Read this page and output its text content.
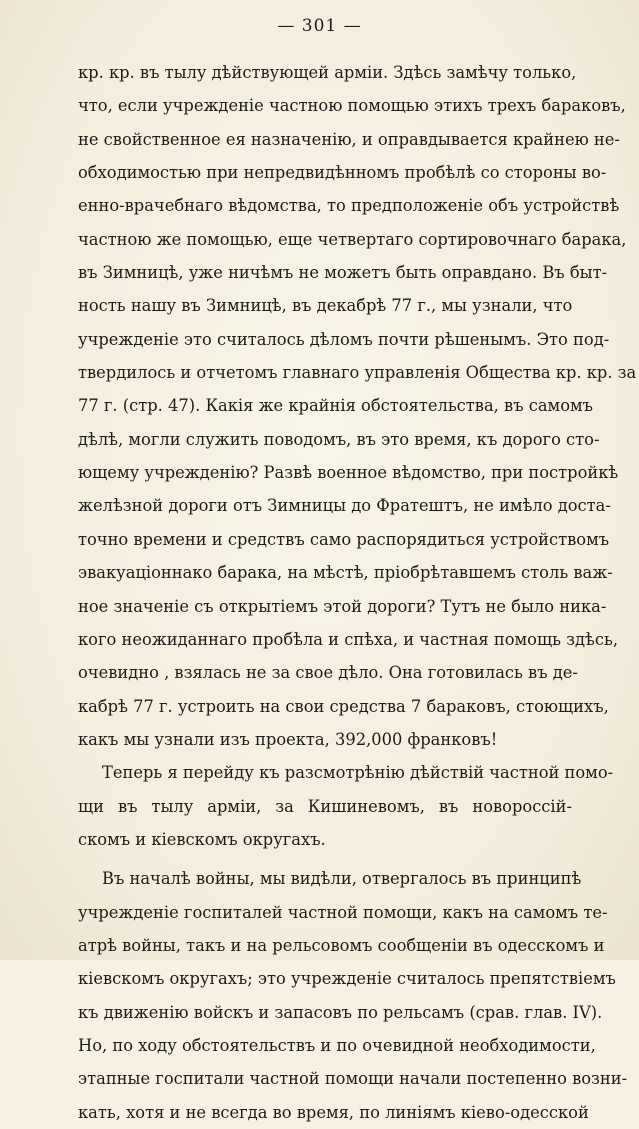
— 301 —
кр. кр. въ тылу дѣйствующей арміи. Здѣсь замѣчу только,
что, если учрежденіе частною помощью этихъ трехъ бараковъ,
не свойственное ея назначенію, и оправдывается крайнею не-
обходимостью при непредвидѣнномъ пробѣлѣ со стороны во-
енно-врачебнаго вѣдомства, то предположеніе объ устройствѣ
частною же помощью, еще четвертаго сортировочнаго барака,
въ Зимницѣ, уже ничѣмъ не можетъ быть оправдано. Въ быт-
ность нашу въ Зимницѣ, въ декабрѣ 77 г., мы узнали, что
учрежденіе это считалось дѣломъ почти рѣшенымъ. Это под-
твердилось и отчетомъ главнаго управленія Общества кр. кр. за
77 г. (стр. 47). Какія же крайнія обстоятельства, въ самомъ
дѣлѣ, могли служить поводомъ, въ это время, къ дорого сто-
ющему учрежденію? Развѣ военное вѣдомство, при постройкѣ
желѣзной дороги отъ Зимницы до Фратештъ, не имѣло доста-
точно времени и средствъ само распорядиться устройствомъ
эвакуаціоннако барака, на мѣстѣ, пріобрѣтавшемъ столь важ-
ное значеніе съ открытіемъ этой дороги? Тутъ не было ника-
кого неожиданнаго пробѣла и спѣха, и частная помощь здѣсь,
очевидно , взялась не за свое дѣло. Она готовилась въ де-
кабрѣ 77 г. устроить на свои средства 7 бараковъ, стоющихъ,
какъ мы узнали изъ проекта, 392,000 франковъ!
Теперь я перейду къ разсмотрѣнію дѣйствій частной помо-
щи въ тылу арміи, за Кишиневомъ, въ новороссій-
скомъ и кіевскомъ округахъ.
Въ началѣ войны, мы видѣли, отвергалось въ принципѣ
учрежденіе госпиталей частной помощи, какъ на самомъ те-
атрѣ войны, такъ и на рельсовомъ сообщеніи въ одесскомъ и
кіевскомъ округахъ; это учрежденіе считалось препятствіемъ
къ движенію войскъ и запасовъ по рельсамъ (срав. глав. IV).
Но, по ходу обстоятельствъ и по очевидной необходимости,
этапные госпитали частной помощи начали постепенно возни-
кать, хотя и не всегда во время, по линіямъ кіево-одесской
